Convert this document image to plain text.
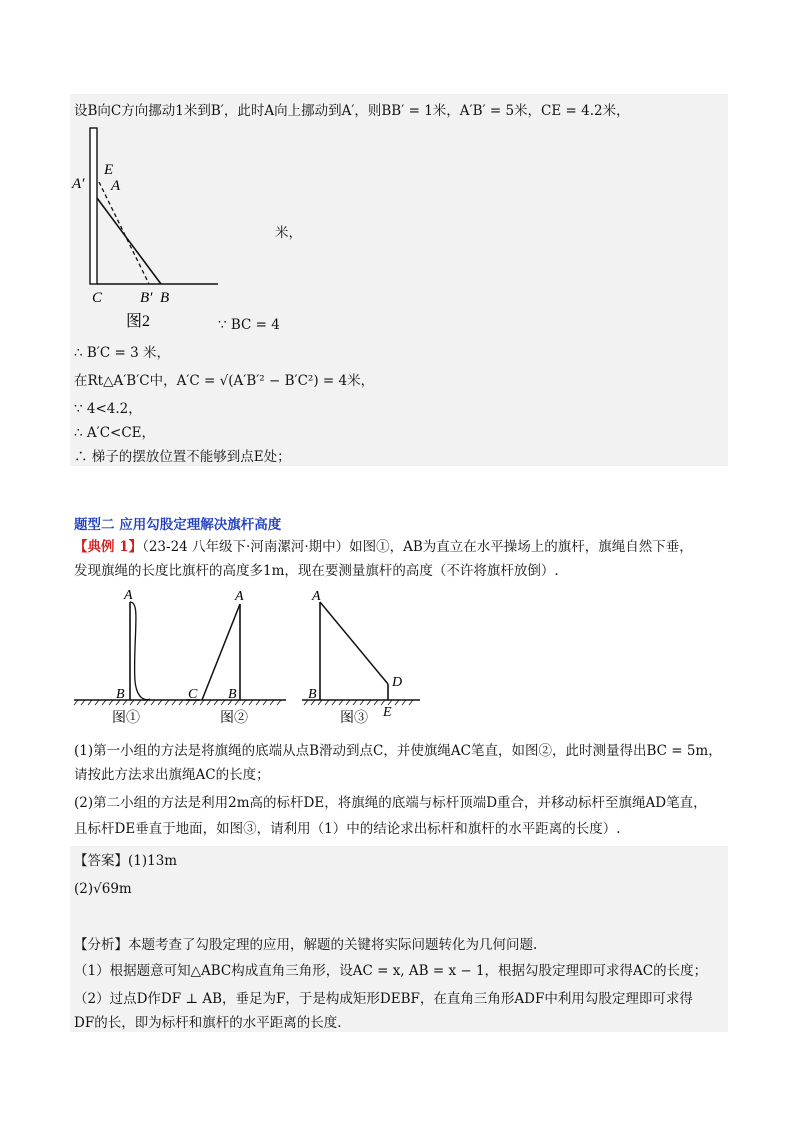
设B向C方向挪动1米到B′，此时A向上挪动到A′，则BB′ = 1米，A′B′ = 5米，CE = 4.2米，
E
A′ A
C	B′ B
图2
米，
∵ BC = 4
∴ B′C = 3 米，
在Rt△A′B′C中，A′C = √(A′B′² − B′C²) = 4米，
∵ 4<4.2，
∴ A′C<CE，
∴ 梯子的摆放位置不能够到点E处；
题型二 应用勾股定理解决旗杆高度
【典例 1】（23-24 八年级下·河南漯河·期中）如图①，AB为直立在水平操场上的旗杆，旗绳自然下垂，
发现旗绳的长度比旗杆的高度多1m，现在要测量旗杆的高度（不许将旗杆放倒）.
A
B
图①
A
C B
图②
A
B
D
E
图③
(1)第一小组的方法是将旗绳的底端从点B滑动到点C，并使旗绳AC笔直，如图②，此时测量得出BC = 5m，
请按此方法求出旗绳AC的长度；
(2)第二小组的方法是利用2m高的标杆DE，将旗绳的底端与标杆顶端D重合，并移动标杆至旗绳AD笔直，
且标杆DE垂直于地面，如图③，请利用（1）中的结论求出标杆和旗杆的水平距离的长度）.
【答案】(1)13m
(2)√69m
【分析】本题考查了勾股定理的应用，解题的关键将实际问题转化为几何问题.
（1）根据题意可知△ABC构成直角三角形，设AC = x, AB = x − 1，根据勾股定理即可求得AC的长度；
（2）过点D作DF ⊥ AB，垂足为F，于是构成矩形DEBF，在直角三角形ADF中利用勾股定理即可求得
DF的长，即为标杆和旗杆的水平距离的长度.
